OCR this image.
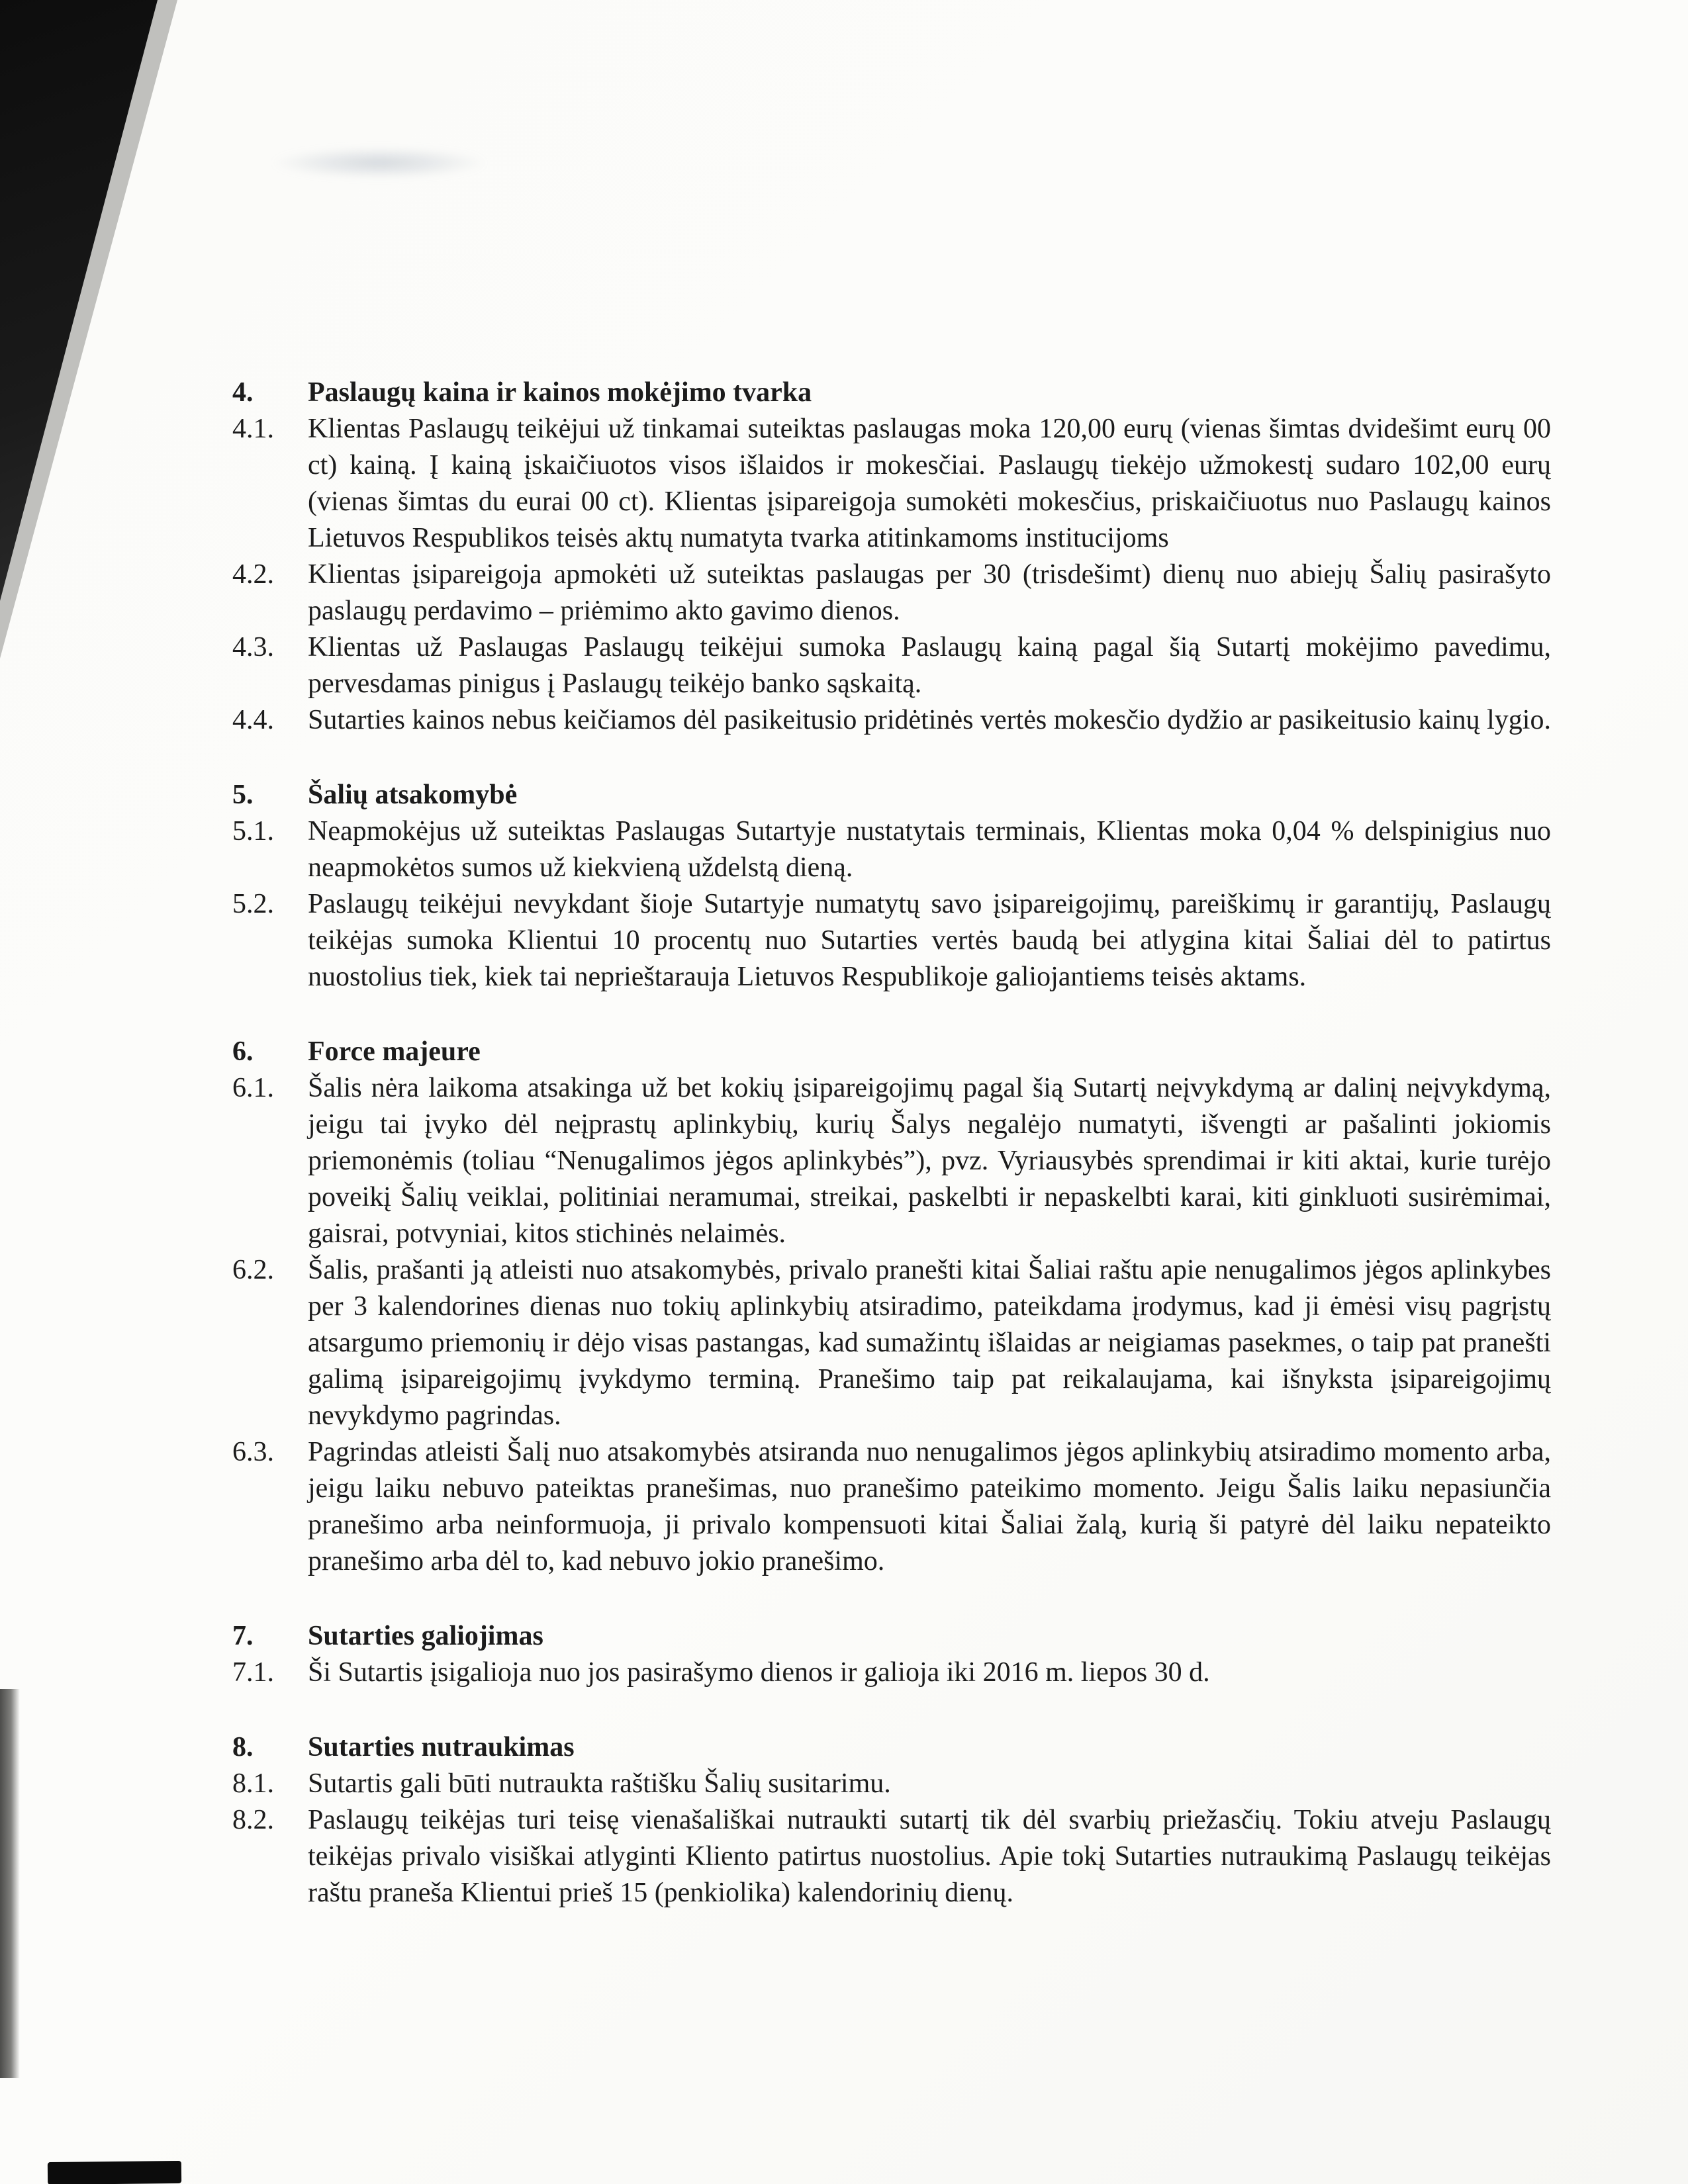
4.	Paslaugų kaina ir kainos mokėjimo tvarka
4.1.	Klientas Paslaugų teikėjui už tinkamai suteiktas paslaugas moka 120,00 eurų (vienas šimtas dvidešimt eurų 00 ct) kainą. Į kainą įskaičiuotos visos išlaidos ir mokesčiai. Paslaugų tiekėjo užmokestį sudaro 102,00 eurų (vienas šimtas du eurai 00 ct). Klientas įsipareigoja sumokėti mokesčius, priskaičiuotus nuo Paslaugų kainos Lietuvos Respublikos teisės aktų numatyta tvarka atitinkamoms institucijoms
4.2.	Klientas įsipareigoja apmokėti už suteiktas paslaugas per 30 (trisdešimt) dienų nuo abiejų Šalių pasirašyto paslaugų perdavimo – priėmimo akto gavimo dienos.
4.3.	Klientas už Paslaugas Paslaugų teikėjui sumoka Paslaugų kainą pagal šią Sutartį mokėjimo pavedimu, pervesdamas pinigus į Paslaugų teikėjo banko sąskaitą.
4.4.	Sutarties kainos nebus keičiamos dėl pasikeitusio pridėtinės vertės mokesčio dydžio ar pasikeitusio kainų lygio.
5.	Šalių atsakomybė
5.1.	Neapmokėjus už suteiktas Paslaugas Sutartyje nustatytais terminais, Klientas moka 0,04 % delspinigius nuo neapmokėtos sumos už kiekvieną uždelstą dieną.
5.2.	Paslaugų teikėjui nevykdant šioje Sutartyje numatytų savo įsipareigojimų, pareiškimų ir garantijų, Paslaugų teikėjas sumoka Klientui 10 procentų nuo Sutarties vertės baudą bei atlygina kitai Šaliai dėl to patirtus nuostolius tiek, kiek tai neprieštarauja Lietuvos Respublikoje galiojantiems teisės aktams.
6.	Force majeure
6.1.	Šalis nėra laikoma atsakinga už bet kokių įsipareigojimų pagal šią Sutartį neįvykdymą ar dalinį neįvykdymą, jeigu tai įvyko dėl neįprastų aplinkybių, kurių Šalys negalėjo numatyti, išvengti ar pašalinti jokiomis priemonėmis (toliau “Nenugalimos jėgos aplinkybės”), pvz. Vyriausybės sprendimai ir kiti aktai, kurie turėjo poveikį Šalių veiklai, politiniai neramumai, streikai, paskelbti ir nepaskelbti karai, kiti ginkluoti susirėmimai, gaisrai, potvyniai, kitos stichinės nelaimės.
6.2.	Šalis, prašanti ją atleisti nuo atsakomybės, privalo pranešti kitai Šaliai raštu apie nenugalimos jėgos aplinkybes per 3 kalendorines dienas nuo tokių aplinkybių atsiradimo, pateikdama įrodymus, kad ji ėmėsi visų pagrįstų atsargumo priemonių ir dėjo visas pastangas, kad sumažintų išlaidas ar neigiamas pasekmes, o taip pat pranešti galimą įsipareigojimų įvykdymo terminą. Pranešimo taip pat reikalaujama, kai išnyksta įsipareigojimų nevykdymo pagrindas.
6.3.	Pagrindas atleisti Šalį nuo atsakomybės atsiranda nuo nenugalimos jėgos aplinkybių atsiradimo momento arba, jeigu laiku nebuvo pateiktas pranešimas, nuo pranešimo pateikimo momento. Jeigu Šalis laiku nepasiunčia pranešimo arba neinformuoja, ji privalo kompensuoti kitai Šaliai žalą, kurią ši patyrė dėl laiku nepateikto pranešimo arba dėl to, kad nebuvo jokio pranešimo.
7.	Sutarties galiojimas
7.1.	Ši Sutartis įsigalioja nuo jos pasirašymo dienos ir galioja iki 2016 m. liepos 30 d.
8.	Sutarties nutraukimas
8.1.	Sutartis gali būti nutraukta raštišku Šalių susitarimu.
8.2.	Paslaugų teikėjas turi teisę vienašališkai nutraukti sutartį tik dėl svarbių priežasčių. Tokiu atveju Paslaugų teikėjas privalo visiškai atlyginti Kliento patirtus nuostolius. Apie tokį Sutarties nutraukimą Paslaugų teikėjas raštu praneša Klientui prieš 15 (penkiolika) kalendorinių dienų.
